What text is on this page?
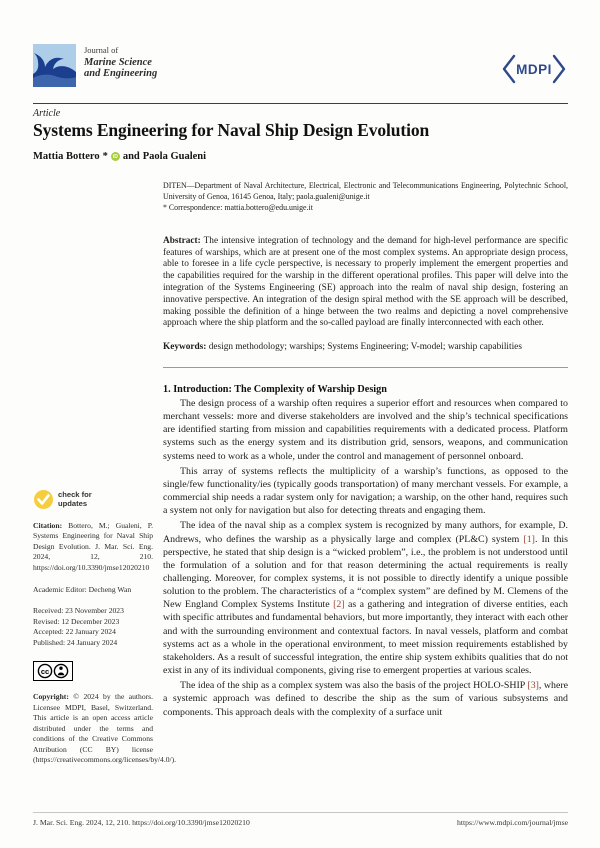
Journal of
Marine Science
and Engineering	MDPI
Article
Systems Engineering for Naval Ship Design Evolution
Mattia Bottero *	iD and Paola Gualeni
check for
updates

Citation: Bottero, M.; Gualeni, P. Systems Engineering for Naval Ship Design Evolution. J. Mar. Sci. Eng. 2024, 12, 210. https://doi.org/10.3390/jmse12020210

Academic Editor: Decheng Wan

Received: 23 November 2023
Revised: 12 December 2023
Accepted: 22 January 2024
Published: 24 January 2024
cc

Copyright: © 2024 by the authors. Licensee MDPI, Basel, Switzerland. This article is an open access article distributed under the terms and conditions of the Creative Commons Attribution (CC BY) license (https://creativecommons.org/licenses/by/4.0/).

DITEN—Department of Naval Architecture, Electrical, Electronic and Telecommunications Engineering, Polytechnic School, University of Genoa, 16145 Genoa, Italy; paola.gualeni@unige.it

* Correspondence: mattia.bottero@edu.unige.it

Abstract: The intensive integration of technology and the demand for high-level performance are specific features of warships, which are at present one of the most complex systems. An appropriate design process, able to foresee in a life cycle perspective, is necessary to properly implement the emergent properties and the capabilities required for the warship in the different operational profiles. This paper will delve into the integration of the Systems Engineering (SE) approach into the realm of naval ship design, fostering an innovative perspective. An integration of the design spiral method with the SE approach will be described, making possible the definition of a hinge between the two realms and depicting a novel comprehensive approach where the ship platform and the so-called payload are finally interconnected with each other.

Keywords: design methodology; warships; Systems Engineering; V-model; warship capabilities

1. Introduction: The Complexity of Warship Design

The design process of a warship often requires a superior effort and resources when compared to merchant vessels: more and diverse stakeholders are involved and the ship’s technical specifications are identified starting from mission and capabilities requirements with a dedicated process. Platform systems such as the energy system and its distribution grid, sensors, weapons, and communication systems need to work as a whole, under the control and management of personnel onboard.

This array of systems reflects the multiplicity of a warship’s functions, as opposed to the single/few functionality/ies (typically goods transportation) of many merchant vessels. For example, a commercial ship needs a radar system only for navigation; a warship, on the other hand, requires such a system not only for navigation but also for detecting threats and engaging them.

The idea of the naval ship as a complex system is recognized by many authors, for example, D. Andrews, who defines the warship as a physically large and complex (PL&C) system [1]. In this perspective, he stated that ship design is a “wicked problem”, i.e., the problem is not understood until the formulation of a solution and for that reason determining the actual requirements is really challenging. Moreover, for complex systems, it is not possible to directly identify a unique possible solution to the problem. The characteristics of a “complex system” are defined by M. Clemens of the New England Complex Systems Institute [2] as a gathering and integration of diverse entities, each with specific attributes and fundamental behaviors, but more importantly, they interact with each other and with the surrounding environment and contextual factors. In naval vessels, platform and combat systems act as a whole in the operational environment, to meet mission requirements established by stakeholders. As a result of successful integration, the entire ship system exhibits qualities that do not exist in any of its individual components, giving rise to emergent properties at various scales.

The idea of the ship as a complex system was also the basis of the project HOLO-SHIP [3], where a systemic approach was defined to describe the ship as the sum of various subsystems and components. This approach deals with the complexity of a surface unit

J. Mar. Sci. Eng. 2024, 12, 210. https://doi.org/10.3390/jmse12020210	https://www.mdpi.com/journal/jmse
